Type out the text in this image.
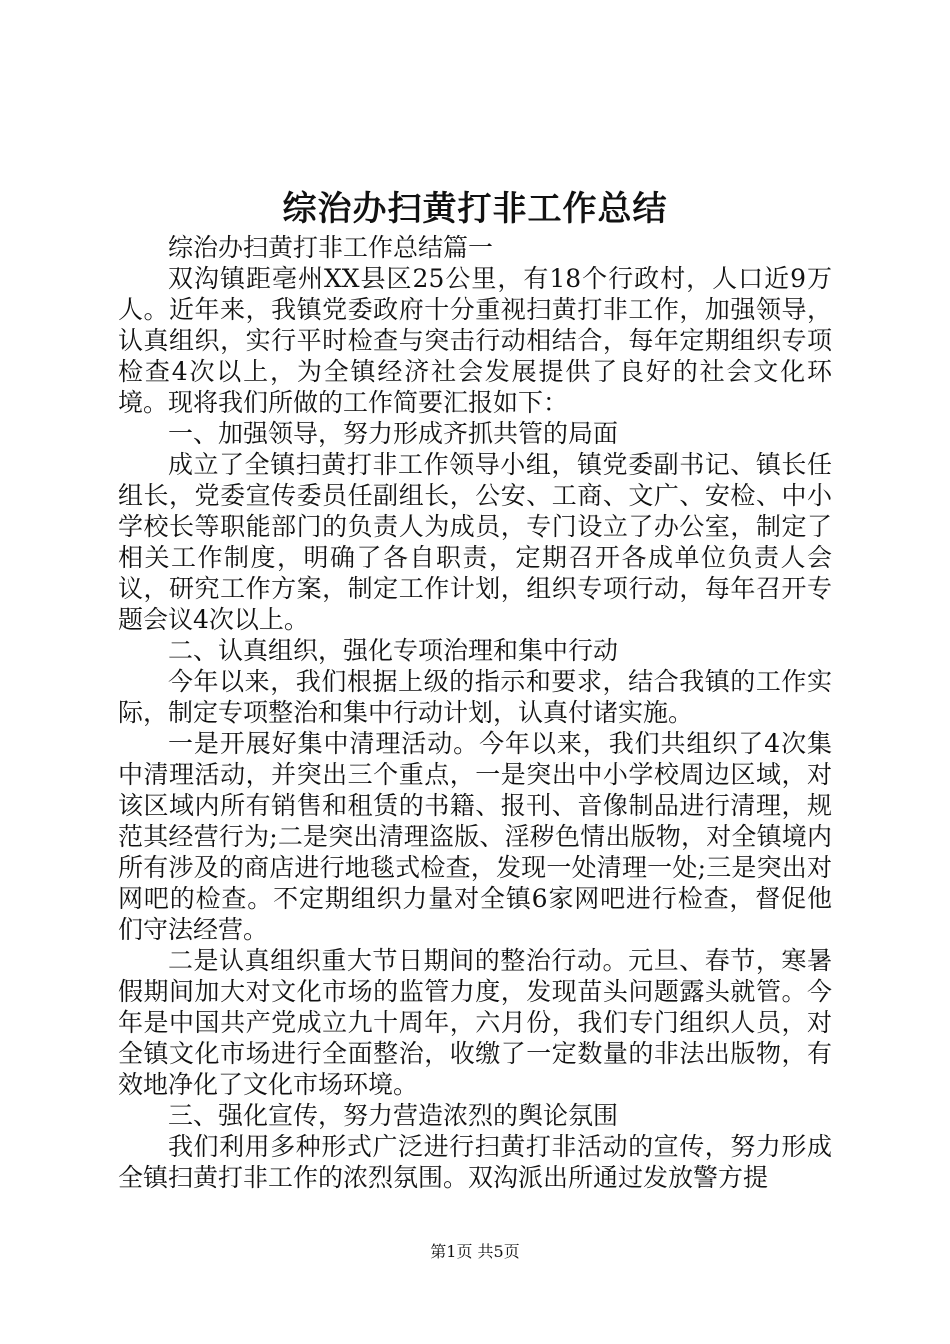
综治办扫黄打非工作总结

综治办扫黄打非工作总结篇一

双沟镇距亳州XX县区25公里，有18个行政村，人口近9万人。近年来，我镇党委政府十分重视扫黄打非工作，加强领导，认真组织，实行平时检查与突击行动相结合，每年定期组织专项检查4次以上，为全镇经济社会发展提供了良好的社会文化环境。现将我们所做的工作简要汇报如下：

一、加强领导，努力形成齐抓共管的局面

成立了全镇扫黄打非工作领导小组，镇党委副书记、镇长任组长，党委宣传委员任副组长，公安、工商、文广、安检、中小学校长等职能部门的负责人为成员，专门设立了办公室，制定了相关工作制度，明确了各自职责，定期召开各成单位负责人会议，研究工作方案，制定工作计划，组织专项行动，每年召开专题会议4次以上。

二、认真组织，强化专项治理和集中行动

今年以来，我们根据上级的指示和要求，结合我镇的工作实际，制定专项整治和集中行动计划，认真付诸实施。

一是开展好集中清理活动。今年以来，我们共组织了4次集中清理活动，并突出三个重点，一是突出中小学校周边区域，对该区域内所有销售和租赁的书籍、报刊、音像制品进行清理，规范其经营行为;二是突出清理盗版、淫秽色情出版物，对全镇境内所有涉及的商店进行地毯式检查，发现一处清理一处;三是突出对网吧的检查。不定期组织力量对全镇6家网吧进行检查，督促他们守法经营。

二是认真组织重大节日期间的整治行动。元旦、春节，寒暑假期间加大对文化市场的监管力度，发现苗头问题露头就管。今年是中国共产党成立九十周年，六月份，我们专门组织人员，对全镇文化市场进行全面整治，收缴了一定数量的非法出版物，有效地净化了文化市场环境。

三、强化宣传，努力营造浓烈的舆论氛围

我们利用多种形式广泛进行扫黄打非活动的宣传，努力形成全镇扫黄打非工作的浓烈氛围。双沟派出所通过发放警方提

第1页 共5页
